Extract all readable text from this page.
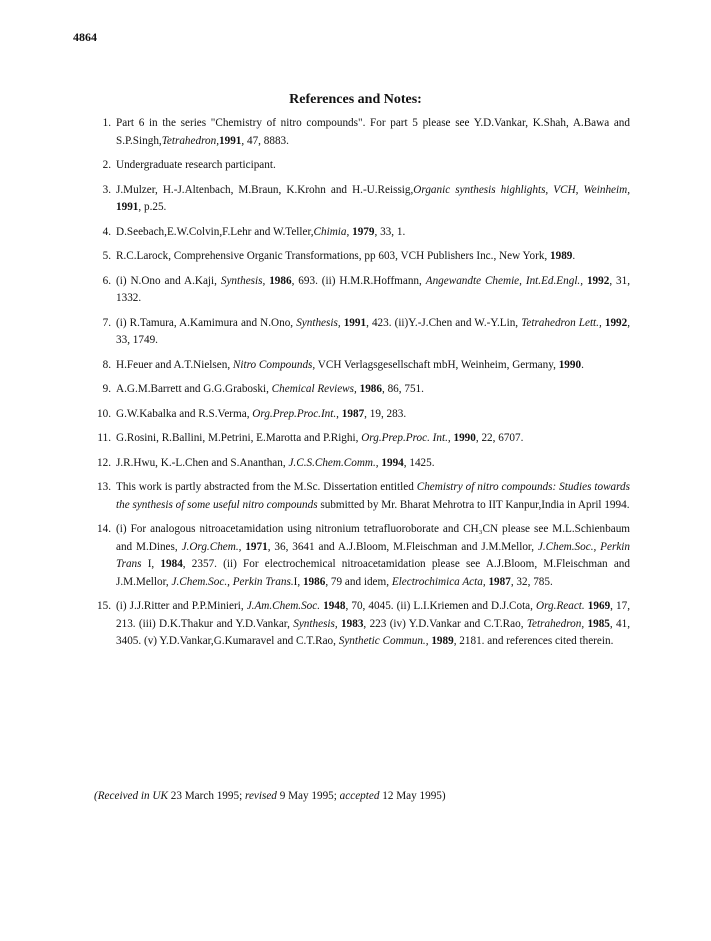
4864
References and Notes:
1. Part 6 in the series "Chemistry of nitro compounds". For part 5 please see Y.D.Vankar, K.Shah, A.Bawa and S.P.Singh,Tetrahedron,1991, 47, 8883.
2. Undergraduate research participant.
3. J.Mulzer, H.-J.Altenbach, M.Braun, K.Krohn and H.-U.Reissig,Organic synthesis highlights, VCH, Weinheim, 1991, p.25.
4. D.Seebach,E.W.Colvin,F.Lehr and W.Teller,Chimia, 1979, 33, 1.
5. R.C.Larock, Comprehensive Organic Transformations, pp 603, VCH Publishers Inc., New York, 1989.
6. (i) N.Ono and A.Kaji, Synthesis, 1986, 693. (ii) H.M.R.Hoffmann, Angewandte Chemie, Int.Ed.Engl., 1992, 31, 1332.
7. (i) R.Tamura, A.Kamimura and N.Ono, Synthesis, 1991, 423. (ii)Y.-J.Chen and W.-Y.Lin, Tetrahedron Lett., 1992, 33, 1749.
8. H.Feuer and A.T.Nielsen, Nitro Compounds, VCH Verlagsgesellschaft mbH, Weinheim, Germany, 1990.
9. A.G.M.Barrett and G.G.Graboski, Chemical Reviews, 1986, 86, 751.
10. G.W.Kabalka and R.S.Verma, Org.Prep.Proc.Int., 1987, 19, 283.
11. G.Rosini, R.Ballini, M.Petrini, E.Marotta and P.Righi, Org.Prep.Proc. Int., 1990, 22, 6707.
12. J.R.Hwu, K.-L.Chen and S.Ananthan, J.C.S.Chem.Comm., 1994, 1425.
13. This work is partly abstracted from the M.Sc. Dissertation entitled Chemistry of nitro compounds: Studies towards the synthesis of some useful nitro compounds submitted by Mr. Bharat Mehrotra to IIT Kanpur,India in April 1994.
14. (i) For analogous nitroacetamidation using nitronium tetrafluoroborate and CH₃CN please see M.L.Schienbaum and M.Dines, J.Org.Chem., 1971, 36, 3641 and A.J.Bloom, M.Fleischman and J.M.Mellor, J.Chem.Soc., Perkin Trans I, 1984, 2357. (ii) For electrochemical nitroacetamidation please see A.J.Bloom, M.Fleischman and J.M.Mellor, J.Chem.Soc., Perkin Trans.I, 1986, 79 and idem, Electrochimica Acta, 1987, 32, 785.
15. (i) J.J.Ritter and P.P.Minieri, J.Am.Chem.Soc. 1948, 70, 4045. (ii) L.I.Kriemen and D.J.Cota, Org.React. 1969, 17, 213. (iii) D.K.Thakur and Y.D.Vankar, Synthesis, 1983, 223 (iv) Y.D.Vankar and C.T.Rao, Tetrahedron, 1985, 41, 3405. (v) Y.D.Vankar,G.Kumaravel and C.T.Rao, Synthetic Commun., 1989, 2181. and references cited therein.
(Received in UK 23 March 1995; revised 9 May 1995; accepted 12 May 1995)
